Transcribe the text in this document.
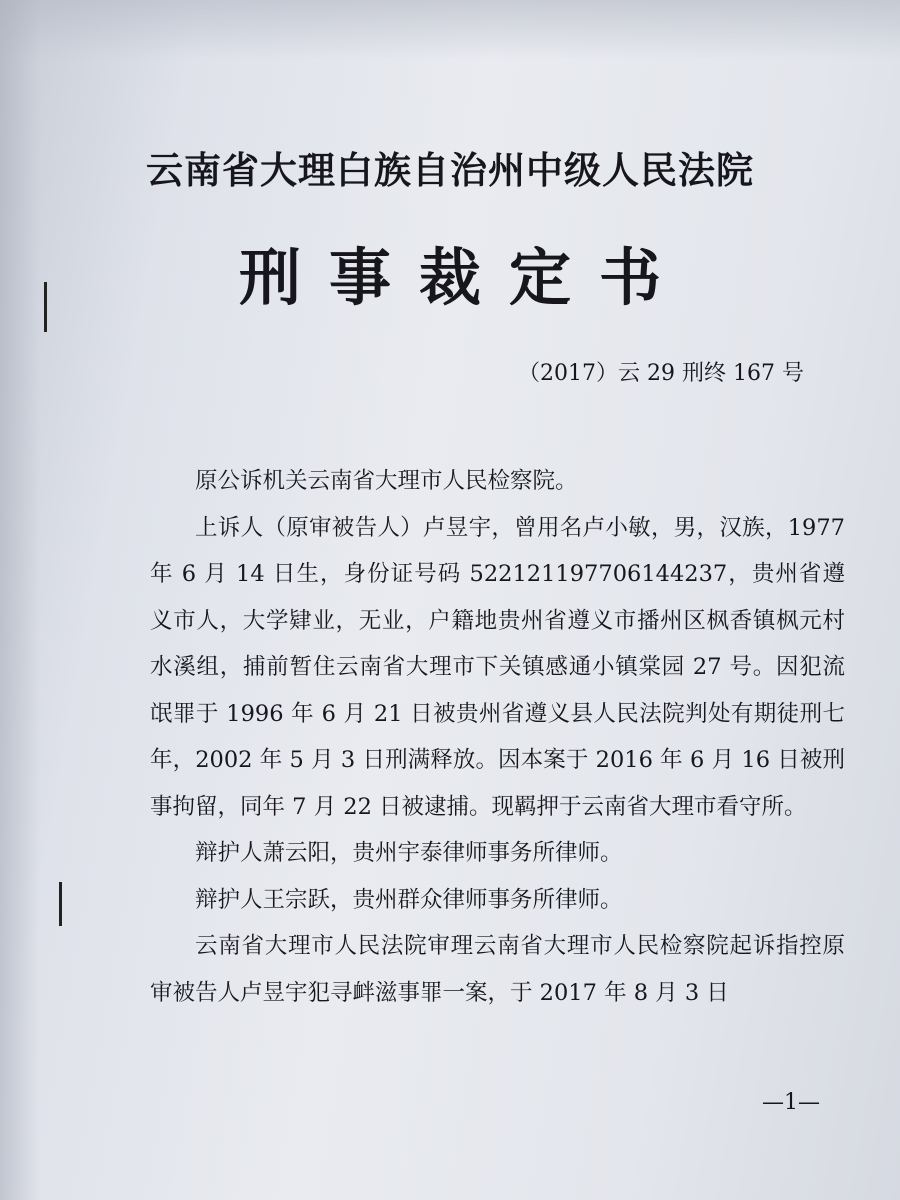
云南省大理白族自治州中级人民法院
刑事裁定书
（2017）云 29 刑终 167 号

原公诉机关云南省大理市人民检察院。

上诉人（原审被告人）卢昱宇，曾用名卢小敏，男，汉族，1977 年 6 月 14 日生，身份证号码 522121197706144237，贵州省遵义市人，大学肄业，无业，户籍地贵州省遵义市播州区枫香镇枫元村水溪组，捕前暂住云南省大理市下关镇感通小镇棠园 27 号。因犯流氓罪于 1996 年 6 月 21 日被贵州省遵义县人民法院判处有期徒刑七年，2002 年 5 月 3 日刑满释放。因本案于 2016 年 6 月 16 日被刑事拘留，同年 7 月 22 日被逮捕。现羁押于云南省大理市看守所。

辩护人萧云阳，贵州宇泰律师事务所律师。

辩护人王宗跃，贵州群众律师事务所律师。

云南省大理市人民法院审理云南省大理市人民检察院起诉指控原审被告人卢昱宇犯寻衅滋事罪一案，于 2017 年 8 月 3 日

—1—
